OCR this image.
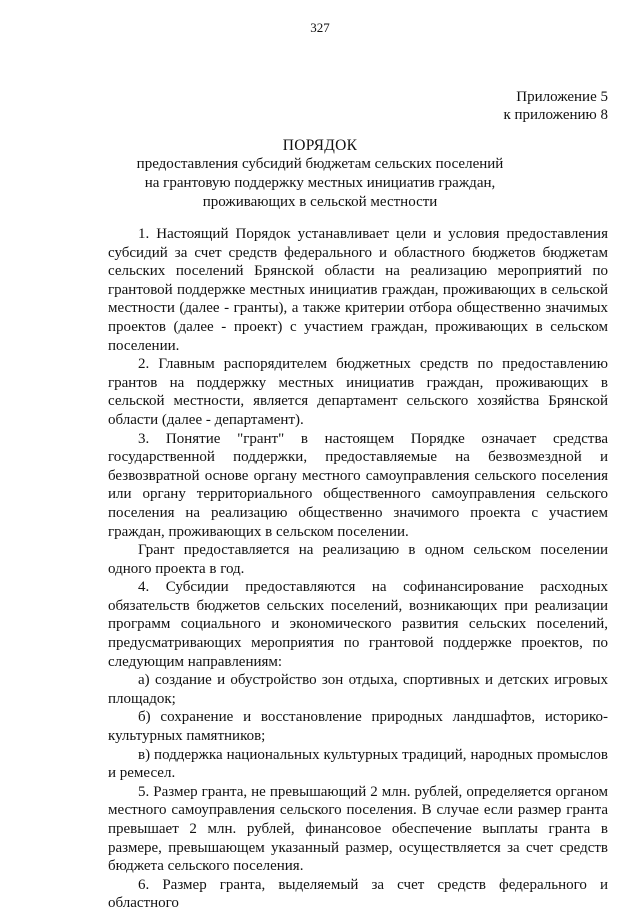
327
Приложение 5
к приложению 8
ПОРЯДОК
предоставления субсидий бюджетам сельских поселений
на грантовую поддержку местных инициатив граждан,
проживающих в сельской местности

1. Настоящий Порядок устанавливает цели и условия предоставления субсидий за счет средств федерального и областного бюджетов бюджетам сельских поселений Брянской области на реализацию мероприятий по грантовой поддержке местных инициатив граждан, проживающих в сельской местности (далее - гранты), а также критерии отбора общественно значимых проектов (далее - проект) с участием граждан, проживающих в сельском поселении.

2. Главным распорядителем бюджетных средств по предоставлению грантов на поддержку местных инициатив граждан, проживающих в сельской местности, является департамент сельского хозяйства Брянской области (далее - департамент).

3. Понятие "грант" в настоящем Порядке означает средства государственной поддержки, предоставляемые на безвозмездной и безвозвратной основе органу местного самоуправления сельского поселения или органу территориального общественного самоуправления сельского поселения на реализацию общественно значимого проекта с участием граждан, проживающих в сельском поселении.

Грант предоставляется на реализацию в одном сельском поселении одного проекта в год.

4. Субсидии предоставляются на софинансирование расходных обязательств бюджетов сельских поселений, возникающих при реализации программ социального и экономического развития сельских поселений, предусматривающих мероприятия по грантовой поддержке проектов, по следующим направлениям:

а) создание и обустройство зон отдыха, спортивных и детских игровых площадок;

б) сохранение и восстановление природных ландшафтов, историко-культурных памятников;

в) поддержка национальных культурных традиций, народных промыслов и ремесел.

5. Размер гранта, не превышающий 2 млн. рублей, определяется органом местного самоуправления сельского поселения. В случае если размер гранта превышает 2 млн. рублей, финансовое обеспечение выплаты гранта в размере, превышающем указанный размер, осуществляется за счет средств бюджета сельского поселения.

6. Размер гранта, выделяемый за счет средств федерального и областного
